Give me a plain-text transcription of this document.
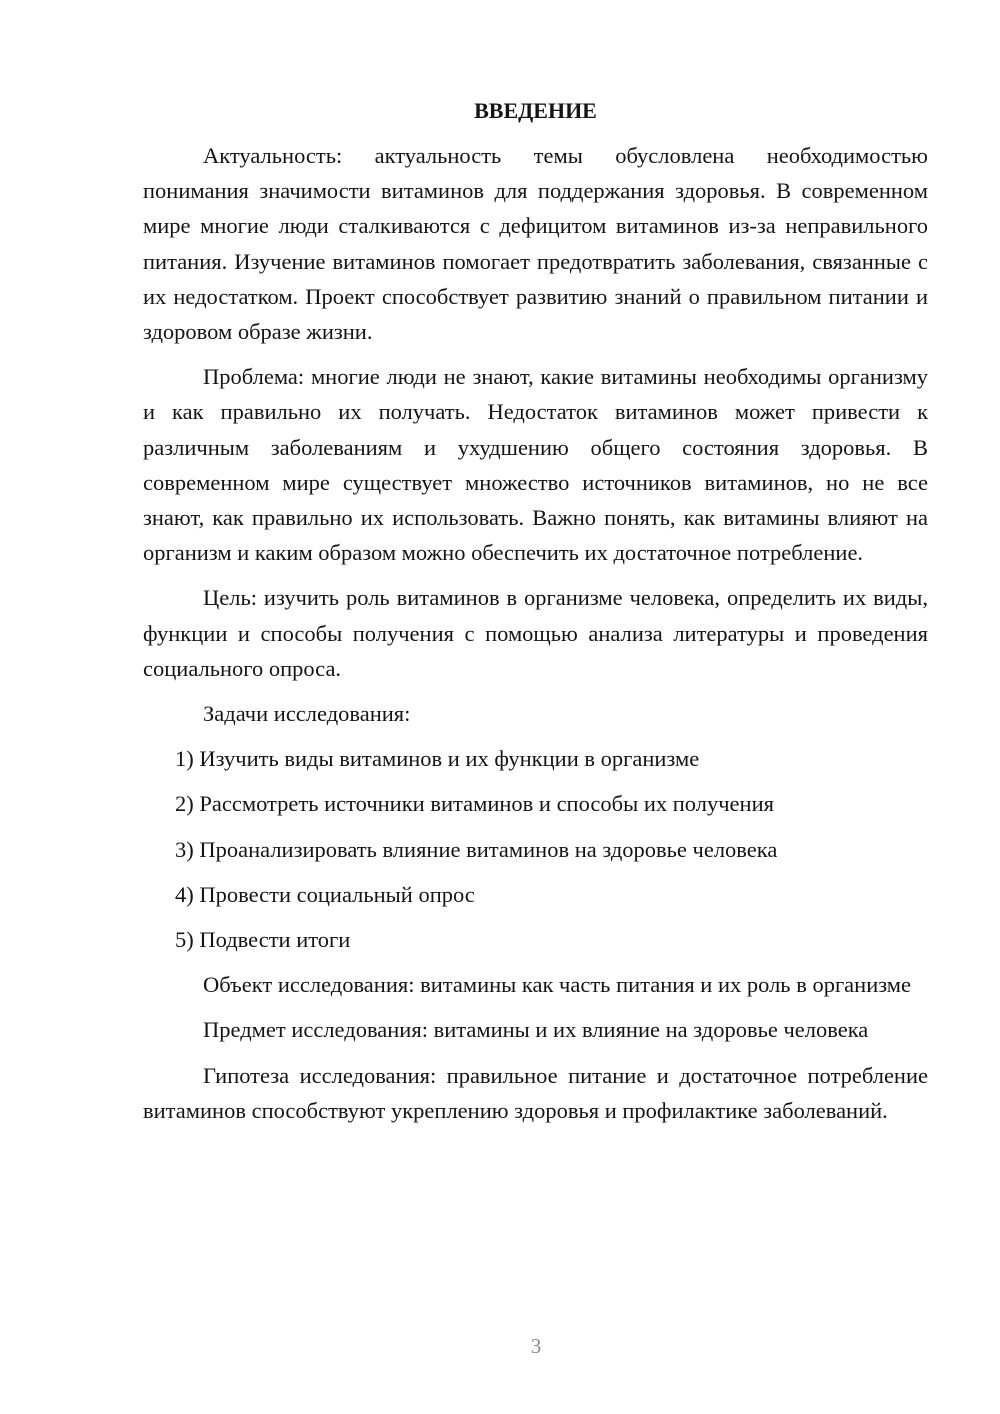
ВВЕДЕНИЕ

Актуальность: актуальность темы обусловлена необходимостью понимания значимости витаминов для поддержания здоровья. В современном мире многие люди сталкиваются с дефицитом витаминов из-за неправильного питания. Изучение витаминов помогает предотвратить заболевания, связанные с их недостатком. Проект способствует развитию знаний о правильном питании и здоровом образе жизни.

Проблема: многие люди не знают, какие витамины необходимы организму и как правильно их получать. Недостаток витаминов может привести к различным заболеваниям и ухудшению общего состояния здоровья. В современном мире существует множество источников витаминов, но не все знают, как правильно их использовать. Важно понять, как витамины влияют на организм и каким образом можно обеспечить их достаточное потребление.

Цель: изучить роль витаминов в организме человека, определить их виды, функции и способы получения с помощью анализа литературы и проведения социального опроса.

Задачи исследования:

1) Изучить виды витаминов и их функции в организме
2) Рассмотреть источники витаминов и способы их получения
3) Проанализировать влияние витаминов на здоровье человека
4) Провести социальный опрос
5) Подвести итоги

Объект исследования: витамины как часть питания и их роль в организме

Предмет исследования: витамины и их влияние на здоровье человека

Гипотеза исследования: правильное питание и достаточное потребление витаминов способствуют укреплению здоровья и профилактике заболеваний.

3
